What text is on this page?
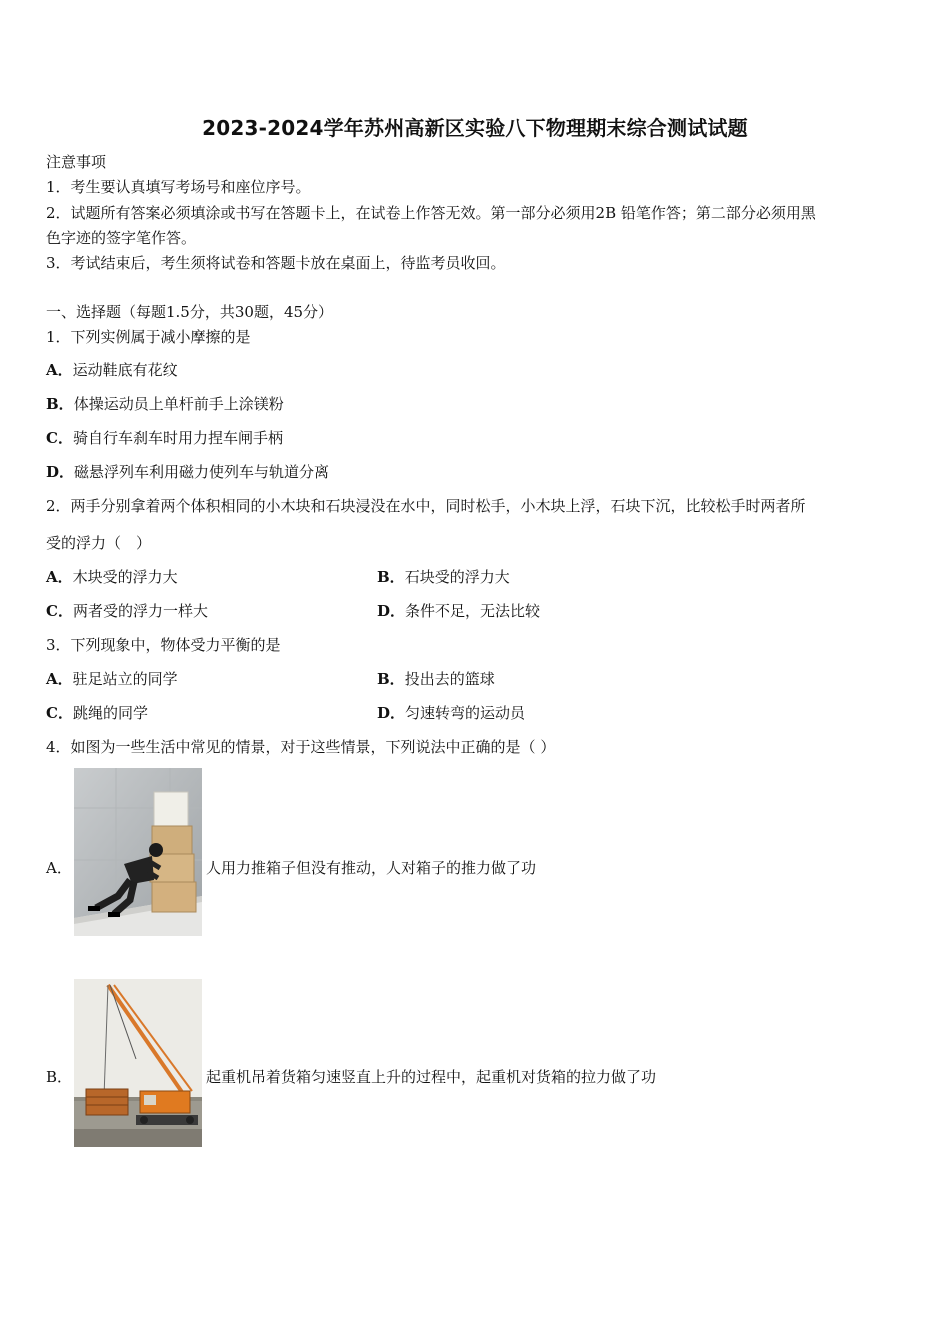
2023-2024学年苏州高新区实验八下物理期末综合测试试题
注意事项
1．考生要认真填写考场号和座位序号。
2．试题所有答案必须填涂或书写在答题卡上，在试卷上作答无效。第一部分必须用2B 铅笔作答；第二部分必须用黑
色字迹的签字笔作答。
3．考试结束后，考生须将试卷和答题卡放在桌面上，待监考员收回。
一、选择题（每题1.5分，共30题，45分）
1．下列实例属于减小摩擦的是
A．运动鞋底有花纹
B．体操运动员上单杆前手上涂镁粉
C．骑自行车刹车时用力捏车闸手柄
D．磁悬浮列车利用磁力使列车与轨道分离
2．两手分别拿着两个体积相同的小木块和石块浸没在水中，同时松手，小木块上浮，石块下沉，比较松手时两者所
受的浮力（　）
A．木块受的浮力大	B．石块受的浮力大
C．两者受的浮力一样大	D．条件不足，无法比较
3．下列现象中，物体受力平衡的是
A．驻足站立的同学	B．投出去的篮球
C．跳绳的同学	D．匀速转弯的运动员
4．如图为一些生活中常见的情景，对于这些情景，下列说法中正确的是（ ）
A．	人用力推箱子但没有推动，人对箱子的推力做了功
B．	起重机吊着货箱匀速竖直上升的过程中，起重机对货箱的拉力做了功
